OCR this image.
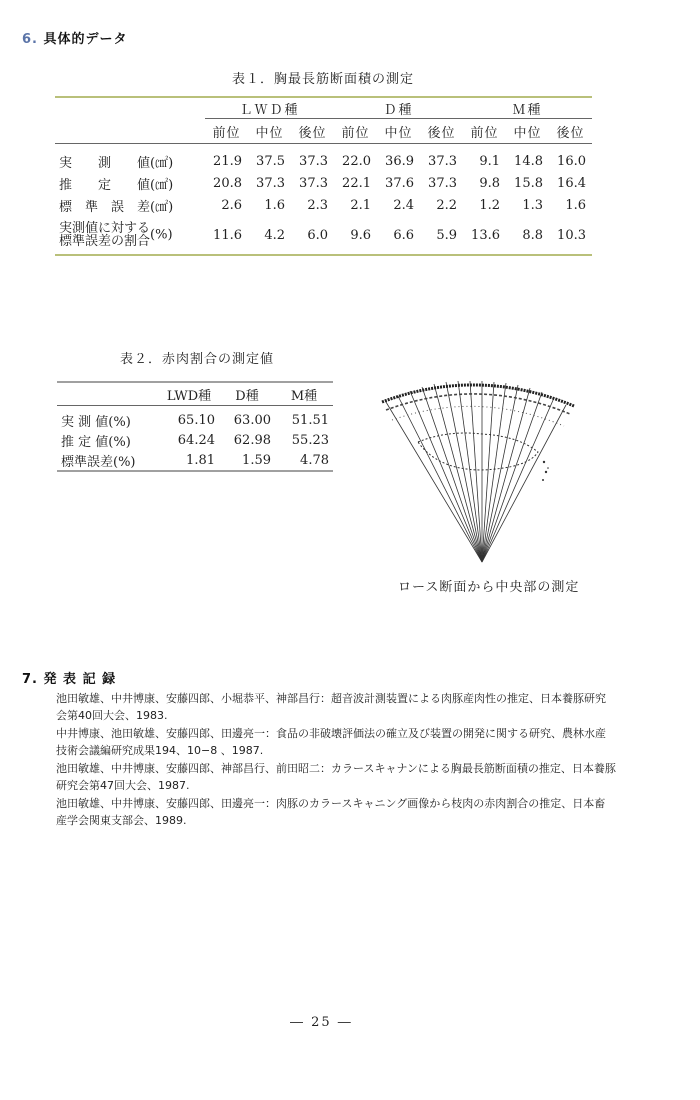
6. 具体的データ
表１．胸最長筋断面積の測定
	ＬＷＤ種			Ｄ種			Ｍ種		
	前位	中位	後位	前位	中位	後位	前位	中位	後位
実　　測　　値(㎠)	21.9	37.5	37.3	22.0	36.9	37.3	9.1	14.8	16.0
推　　定　　値(㎠)	20.8	37.3	37.3	22.1	37.6	37.3	9.8	15.8	16.4
標　準　誤　差(㎠)	2.6	1.6	2.3	2.1	2.4	2.2	1.2	1.3	1.6
実測値に対する
標準誤差の割合(%)	11.6	4.2	6.0	9.6	6.6	5.9	13.6	8.8	10.3
表２．赤肉割合の測定値
	LWD種	D種	M種
実 測 値(%)	65.10	63.00	51.51
推 定 値(%)	64.24	62.98	55.23
標準誤差(%)	1.81	1.59	4.78
ロース断面から中央部の測定
7. 発 表 記 録

池田敏雄、中井博康、安藤四郎、小堀恭平、神部昌行：超音波計測装置による肉豚産肉性の推定、日本養豚研究会第40回大会、1983.

中井博康、池田敏雄、安藤四郎、田邊亮一：食品の非破壊評価法の確立及び装置の開発に関する研究、農林水産技術会議編研究成果194、10−8 、1987.

池田敏雄、中井博康、安藤四郎、神部昌行、前田昭二：カラースキャナンによる胸最長筋断面積の推定、日本養豚研究会第47回大会、1987.

池田敏雄、中井博康、安藤四郎、田邊亮一：肉豚のカラースキャニング画像から枝肉の赤肉割合の推定、日本畜産学会関東支部会、1989.

― 25 ―
